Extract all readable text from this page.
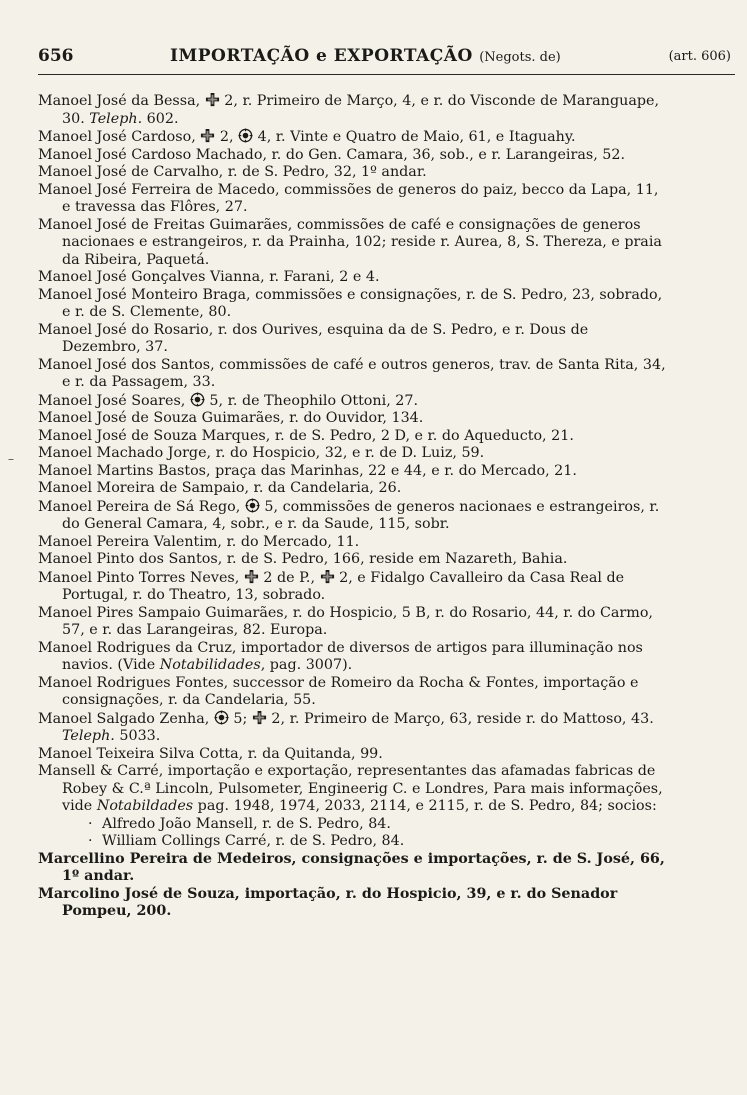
656	IMPORTAÇÃO e EXPORTAÇÃO (Negots. de)	(art. 606)

Manoel José da Bessa,
2, r. Primeiro de Março, 4, e r. do Visconde de Maranguape, 30. Teleph. 602.

Manoel José Cardoso,
2,
4, r. Vinte e Quatro de Maio, 61, e Itaguahy.

Manoel José Cardoso Machado, r. do Gen. Camara, 36, sob., e r. Larangeiras, 52.

Manoel José de Carvalho, r. de S. Pedro, 32, 1º andar.

Manoel José Ferreira de Macedo, commissões de generos do paiz, becco da Lapa, 11, e travessa das Flôres, 27.

Manoel José de Freitas Guimarães, commissões de café e consignações de generos nacionaes e estrangeiros, r. da Prainha, 102; reside r. Aurea, 8, S. Thereza, e praia da Ribeira, Paquetá.

Manoel José Gonçalves Vianna, r. Farani, 2 e 4.

Manoel José Monteiro Braga, commissões e consignações, r. de S. Pedro, 23, sobrado, e r. de S. Clemente, 80.

Manoel José do Rosario, r. dos Ourives, esquina da de S. Pedro, e r. Dous de Dezembro, 37.

Manoel José dos Santos, commissões de café e outros generos, trav. de Santa Rita, 34, e r. da Passagem, 33.

Manoel José Soares,
5, r. de Theophilo Ottoni, 27.

Manoel José de Souza Guimarães, r. do Ouvidor, 134.

Manoel José de Souza Marques, r. de S. Pedro, 2 D, e r. do Aqueducto, 21.

Manoel Machado Jorge, r. do Hospicio, 32, e r. de D. Luiz, 59.

Manoel Martins Bastos, praça das Marinhas, 22 e 44, e r. do Mercado, 21.

Manoel Moreira de Sampaio, r. da Candelaria, 26.

Manoel Pereira de Sá Rego,
5, commissões de generos nacionaes e estrangeiros, r. do General Camara, 4, sobr., e r. da Saude, 115, sobr.

Manoel Pereira Valentim, r. do Mercado, 11.

Manoel Pinto dos Santos, r. de S. Pedro, 166, reside em Nazareth, Bahia.

Manoel Pinto Torres Neves,
2 de P.,
2, e Fidalgo Cavalleiro da Casa Real de Portugal, r. do Theatro, 13, sobrado.

Manoel Pires Sampaio Guimarães, r. do Hospicio, 5 B, r. do Rosario, 44, r. do Carmo, 57, e r. das Larangeiras, 82. Europa.

Manoel Rodrigues da Cruz, importador de diversos de artigos para illuminação nos navios. (Vide Notabilidades, pag. 3007).

Manoel Rodrigues Fontes, successor de Romeiro da Rocha & Fontes, importação e consignações, r. da Candelaria, 55.

Manoel Salgado Zenha,
5;
2, r. Primeiro de Março, 63, reside r. do Mattoso, 43. Teleph. 5033.

Manoel Teixeira Silva Cotta, r. da Quitanda, 99.

Mansell & Carré, importação e exportação, representantes das afamadas fabricas de Robey & C.ª Lincoln, Pulsometer, Engineerig C. e Londres, Para mais informações, vide Notabildades pag. 1948, 1974, 2033, 2114, e 2115, r. de S. Pedro, 84; socios:

· Alfredo João Mansell, r. de S. Pedro, 84.

· William Collings Carré, r. de S. Pedro, 84.

Marcellino Pereira de Medeiros, consignações e importações, r. de S. José, 66, 1º andar.

Marcolino José de Souza, importação, r. do Hospicio, 39, e r. do Senador Pompeu, 200.

–
